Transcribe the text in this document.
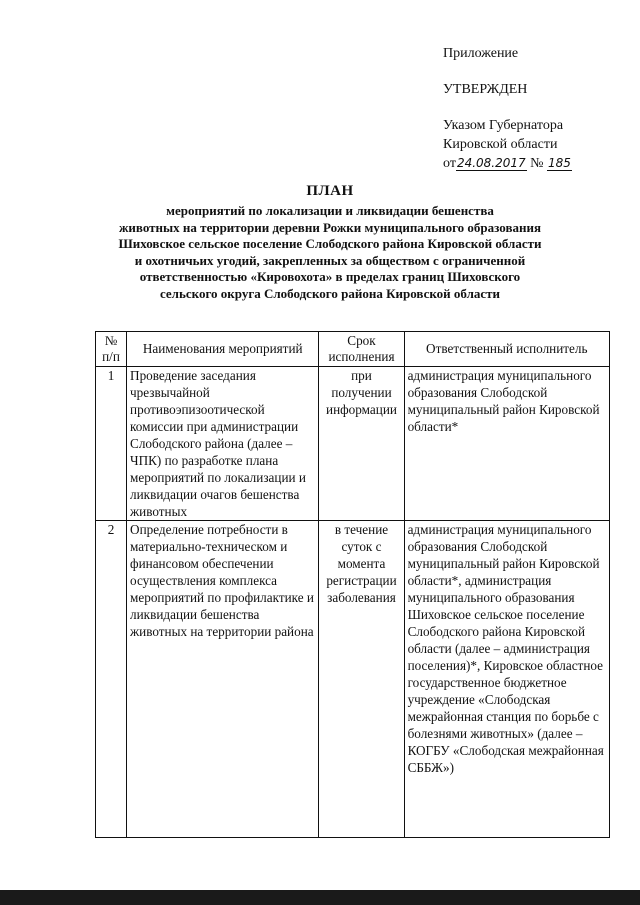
Приложение
УТВЕРЖДЕН
Указом Губернатора
Кировской области
от24.08.2017 № 185
ПЛАН
мероприятий по локализации и ликвидации бешенства
животных на территории деревни Рожки муниципального образования
Шиховское сельское поселение Слободского района Кировской области
и охотничьих угодий, закрепленных за обществом с ограниченной
ответственностью «Кировохота» в пределах границ Шиховского
сельского округа Слободского района Кировской области
№ п/п	Наименования мероприятий	Срок исполнения	Ответственный исполнитель
1	Проведение заседания чрезвычайной противоэпизоотической комиссии при администрации Слободского района (далее – ЧПК) по разработке плана мероприятий по локализации и ликвидации очагов бешенства животных	при получении информации	администрация муниципального образования Слободской муниципальный район Кировской области*
2	Определение потребности в материально-техническом и финансовом обеспечении осуществления комплекса мероприятий по профилактике и ликвидации бешенства животных на территории района	в течение суток с момента регистрации заболевания	администрация муниципального образования Слободской муниципальный район Кировской области*, администрация муниципального образования Шиховское сельское поселение Слободского района Кировской области (далее – администрация поселения)*, Кировское областное государственное бюджетное учреждение «Слободская межрайонная станция по борьбе с болезнями животных» (далее – КОГБУ «Слободская межрайонная СББЖ»)
